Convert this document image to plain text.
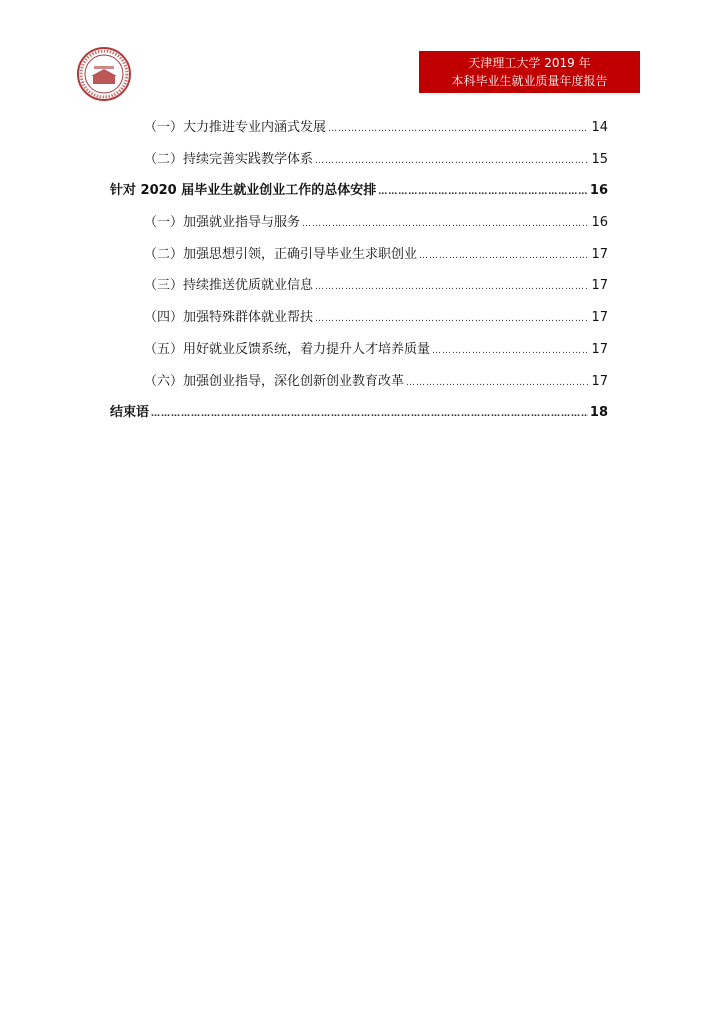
天津理工大学 2019 年
本科毕业生就业质量年度报告
（一）大力推进专业内涵式发展 …………………………………………………………………………………………………………………………………………	14
（二）持续完善实践教学体系 …………………………………………………………………………………………………………………………………………	15
针对 2020 届毕业生就业创业工作的总体安排 …………………………………………………………………………………………………………………………………………	16
（一）加强就业指导与服务 …………………………………………………………………………………………………………………………………………	16
（二）加强思想引领，正确引导毕业生求职创业 …………………………………………………………………………………………………………………………………………	17
（三）持续推送优质就业信息 …………………………………………………………………………………………………………………………………………	17
（四）加强特殊群体就业帮扶 …………………………………………………………………………………………………………………………………………	17
（五）用好就业反馈系统，着力提升人才培养质量 …………………………………………………………………………………………………………………………………………	17
（六）加强创业指导，深化创新创业教育改革 …………………………………………………………………………………………………………………………………………	17
结束语 …………………………………………………………………………………………………………………………………………	18
